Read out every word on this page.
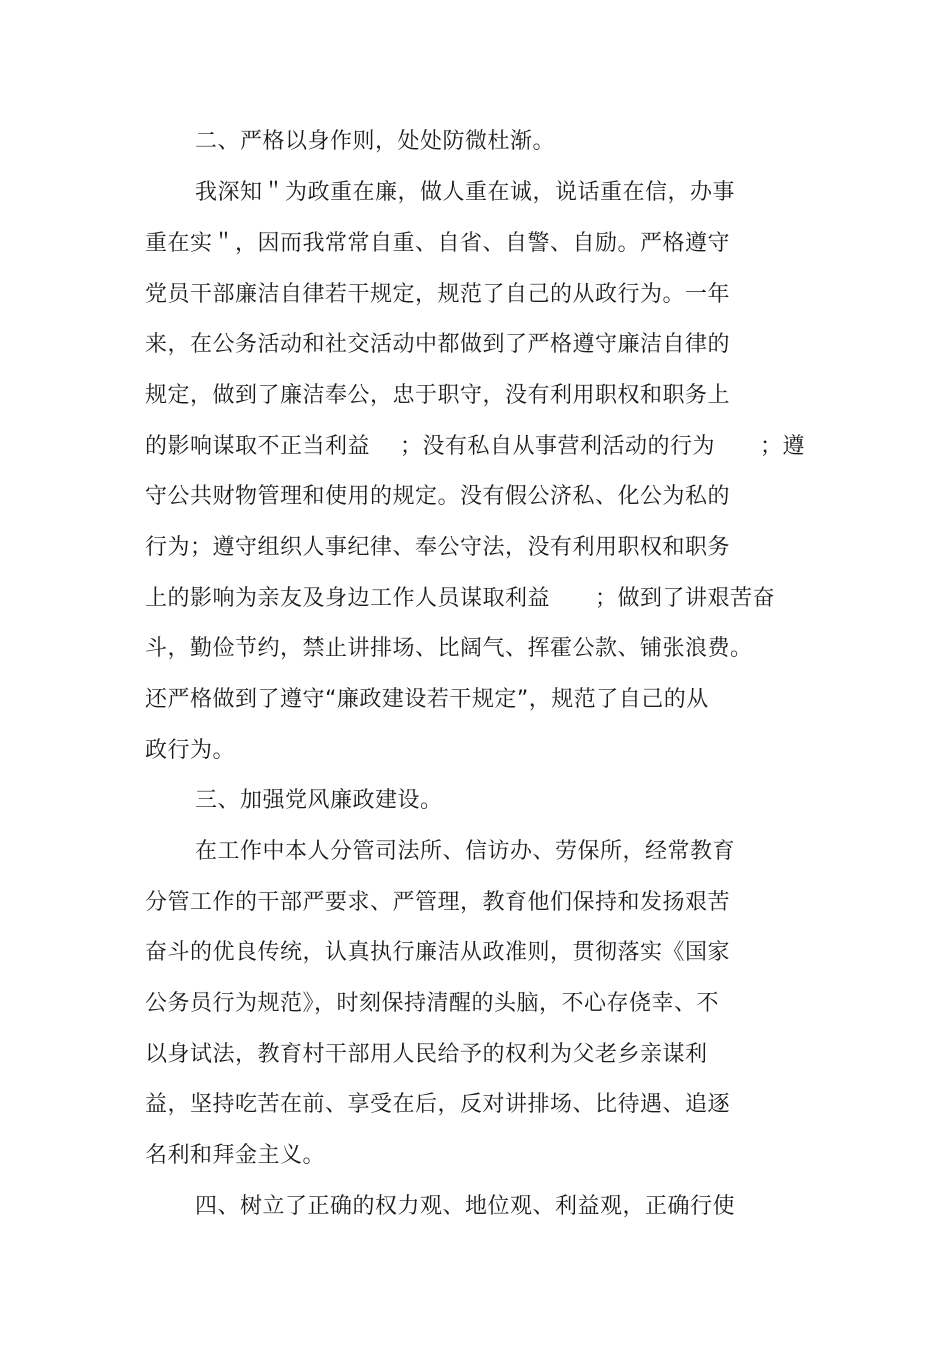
二、严格以身作则，处处防微杜渐。
我深知＂为政重在廉，做人重在诚，说话重在信，办事
重在实＂，因而我常常自重、自省、自警、自励。严格遵守
党员干部廉洁自律若干规定，规范了自己的从政行为。一年
来，在公务活动和社交活动中都做到了严格遵守廉洁自律的
规定，做到了廉洁奉公，忠于职守，没有利用职权和职务上
的影响谋取不正当利益　 ；没有私自从事营利活动的行为　　；遵
守公共财物管理和使用的规定。没有假公济私、化公为私的
行为；遵守组织人事纪律、奉公守法，没有利用职权和职务
上的影响为亲友及身边工作人员谋取利益　　；做到了讲艰苦奋
斗，勤俭节约，禁止讲排场、比阔气、挥霍公款、铺张浪费。
还严格做到了遵守“廉政建设若干规定”，规范了自己的从
政行为。
三、加强党风廉政建设。
在工作中本人分管司法所、信访办、劳保所，经常教育
分管工作的干部严要求、严管理，教育他们保持和发扬艰苦
奋斗的优良传统，认真执行廉洁从政准则，贯彻落实《国家
公务员行为规范》，时刻保持清醒的头脑，不心存侥幸、不
以身试法，教育村干部用人民给予的权利为父老乡亲谋利
益，坚持吃苦在前、享受在后，反对讲排场、比待遇、追逐
名利和拜金主义。
四、树立了正确的权力观、地位观、利益观，正确行使
